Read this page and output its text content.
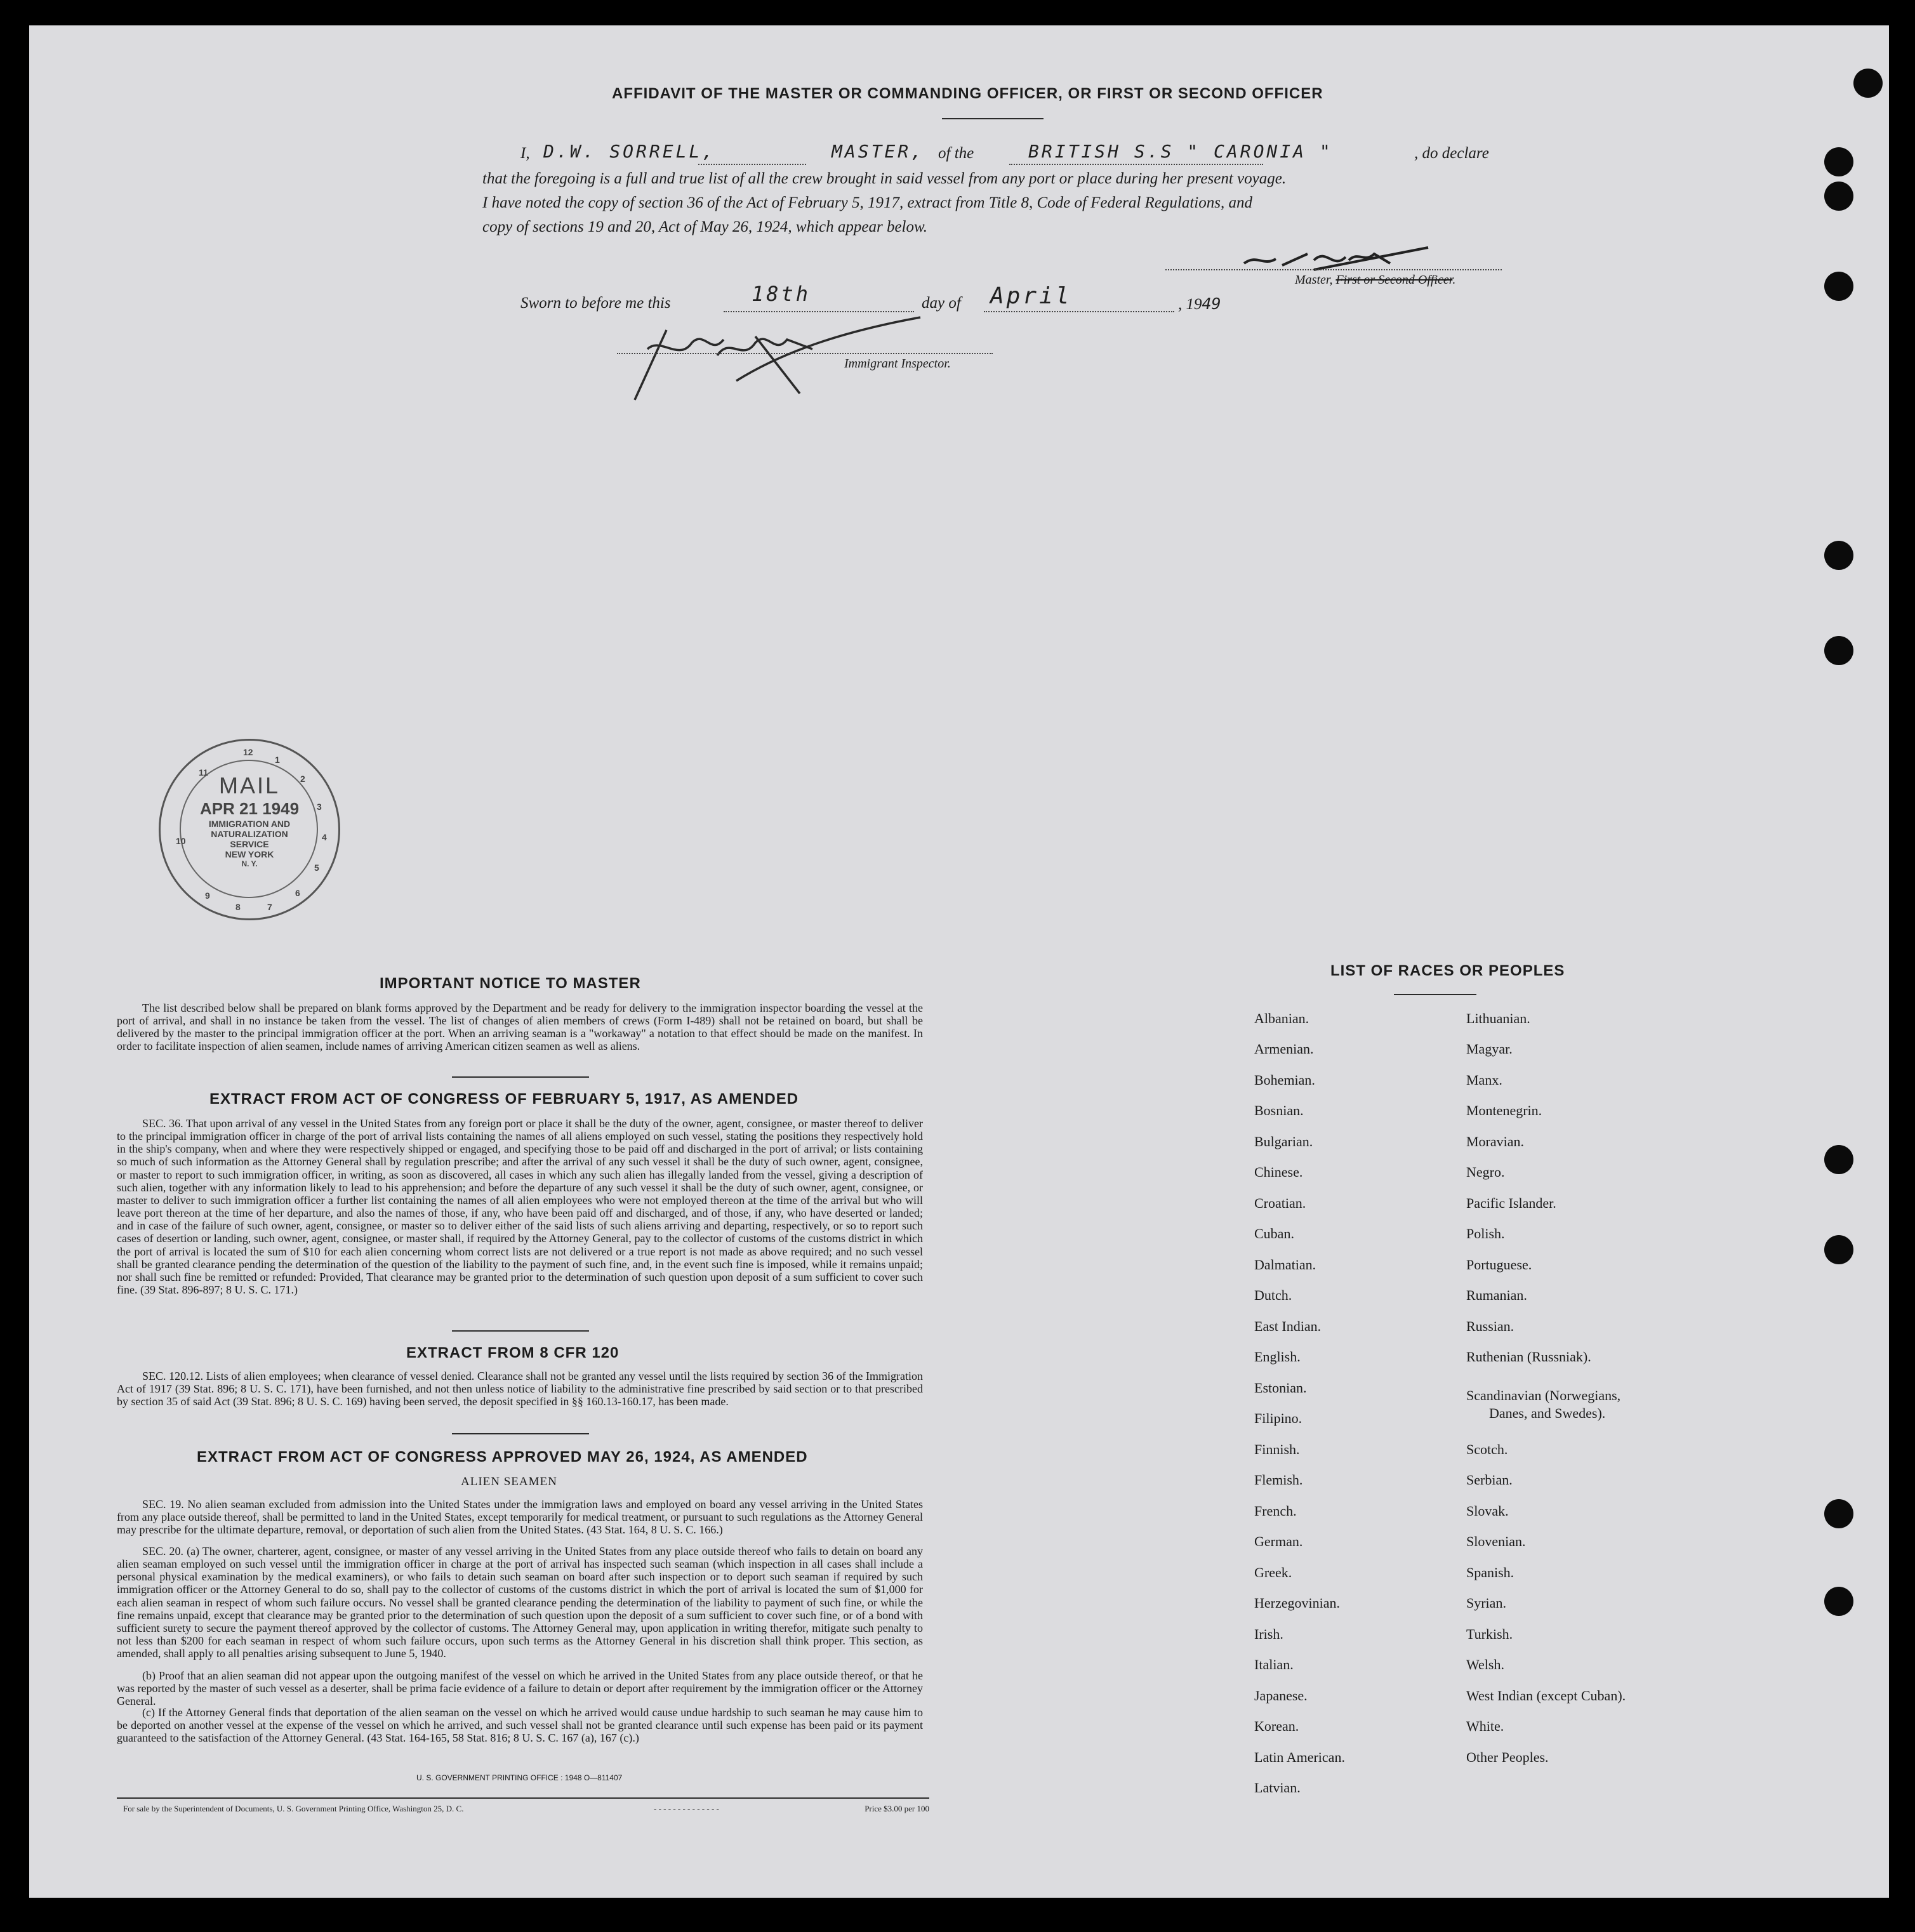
AFFIDAVIT OF THE MASTER OR COMMANDING OFFICER, OR FIRST OR SECOND OFFICER
I, D.W. SORRELL,	MASTER, of the	BRITISH S.S " CARONIA "	, do declare
that the foregoing is a full and true list of all the crew brought in said vessel from any port or place during her present voyage.
I have noted the copy of section 36 of the Act of February 5, 1917, extract from Title 8, Code of Federal Regulations, and
copy of sections 19 and 20, Act of May 26, 1924, which appear below.
Master, First or Second Officer.
Sworn to before me this	18th	day of April	, 1949
Immigrant Inspector.
MAIL
APR 21 1949
IMMIGRATION AND
NATURALIZATION
SERVICE
NEW YORK
N. Y.
12
1
2
3
4
5
6
7
8
9
10
11
IMPORTANT NOTICE TO MASTER
The list described below shall be prepared on blank forms approved by the Department and be ready for delivery to the immigration inspector boarding the vessel at the port of arrival, and shall in no instance be taken from the vessel. The list of changes of alien members of crews (Form I-489) shall not be retained on board, but shall be delivered by the master to the principal immigration officer at the port. When an arriving seaman is a "workaway" a notation to that effect should be made on the manifest. In order to facilitate inspection of alien seamen, include names of arriving American citizen seamen as well as aliens.
EXTRACT FROM ACT OF CONGRESS OF FEBRUARY 5, 1917, AS AMENDED
SEC. 36. That upon arrival of any vessel in the United States from any foreign port or place it shall be the duty of the owner, agent, consignee, or master thereof to deliver to the principal immigration officer in charge of the port of arrival lists containing the names of all aliens employed on such vessel, stating the positions they respectively hold in the ship's company, when and where they were respectively shipped or engaged, and specifying those to be paid off and discharged in the port of arrival; or lists containing so much of such information as the Attorney General shall by regulation prescribe; and after the arrival of any such vessel it shall be the duty of such owner, agent, consignee, or master to report to such immigration officer, in writing, as soon as discovered, all cases in which any such alien has illegally landed from the vessel, giving a description of such alien, together with any information likely to lead to his apprehension; and before the departure of any such vessel it shall be the duty of such owner, agent, consignee, or master to deliver to such immigration officer a further list containing the names of all alien employees who were not employed thereon at the time of the arrival but who will leave port thereon at the time of her departure, and also the names of those, if any, who have been paid off and discharged, and of those, if any, who have deserted or landed; and in case of the failure of such owner, agent, consignee, or master so to deliver either of the said lists of such aliens arriving and departing, respectively, or so to report such cases of desertion or landing, such owner, agent, consignee, or master shall, if required by the Attorney General, pay to the collector of customs of the customs district in which the port of arrival is located the sum of $10 for each alien concerning whom correct lists are not delivered or a true report is not made as above required; and no such vessel shall be granted clearance pending the determination of the question of the liability to the payment of such fine, and, in the event such fine is imposed, while it remains unpaid; nor shall such fine be remitted or refunded: Provided, That clearance may be granted prior to the determination of such question upon deposit of a sum sufficient to cover such fine. (39 Stat. 896-897; 8 U. S. C. 171.)
EXTRACT FROM 8 CFR 120
SEC. 120.12. Lists of alien employees; when clearance of vessel denied. Clearance shall not be granted any vessel until the lists required by section 36 of the Immigration Act of 1917 (39 Stat. 896; 8 U. S. C. 171), have been furnished, and not then unless notice of liability to the administrative fine prescribed by said section or to that prescribed by section 35 of said Act (39 Stat. 896; 8 U. S. C. 169) having been served, the deposit specified in §§ 160.13-160.17, has been made.
EXTRACT FROM ACT OF CONGRESS APPROVED MAY 26, 1924, AS AMENDED
ALIEN SEAMEN
SEC. 19. No alien seaman excluded from admission into the United States under the immigration laws and employed on board any vessel arriving in the United States from any place outside thereof, shall be permitted to land in the United States, except temporarily for medical treatment, or pursuant to such regulations as the Attorney General may prescribe for the ultimate departure, removal, or deportation of such alien from the United States. (43 Stat. 164, 8 U. S. C. 166.)
SEC. 20. (a) The owner, charterer, agent, consignee, or master of any vessel arriving in the United States from any place outside thereof who fails to detain on board any alien seaman employed on such vessel until the immigration officer in charge at the port of arrival has inspected such seaman (which inspection in all cases shall include a personal physical examination by the medical examiners), or who fails to detain such seaman on board after such inspection or to deport such seaman if required by such immigration officer or the Attorney General to do so, shall pay to the collector of customs of the customs district in which the port of arrival is located the sum of $1,000 for each alien seaman in respect of whom such failure occurs. No vessel shall be granted clearance pending the determination of the liability to payment of such fine, or while the fine remains unpaid, except that clearance may be granted prior to the determination of such question upon the deposit of a sum sufficient to cover such fine, or of a bond with sufficient surety to secure the payment thereof approved by the collector of customs. The Attorney General may, upon application in writing therefor, mitigate such penalty to not less than $200 for each seaman in respect of whom such failure occurs, upon such terms as the Attorney General in his discretion shall think proper. This section, as amended, shall apply to all penalties arising subsequent to June 5, 1940.
(b) Proof that an alien seaman did not appear upon the outgoing manifest of the vessel on which he arrived in the United States from any place outside thereof, or that he was reported by the master of such vessel as a deserter, shall be prima facie evidence of a failure to detain or deport after requirement by the immigration officer or the Attorney General.
(c) If the Attorney General finds that deportation of the alien seaman on the vessel on which he arrived would cause undue hardship to such seaman he may cause him to be deported on another vessel at the expense of the vessel on which he arrived, and such vessel shall not be granted clearance until such expense has been paid or its payment guaranteed to the satisfaction of the Attorney General. (43 Stat. 164-165, 58 Stat. 816; 8 U. S. C. 167 (a), 167 (c).)
U. S. GOVERNMENT PRINTING OFFICE : 1948 O—811407
For sale by the Superintendent of Documents, U. S. Government Printing Office, Washington 25, D. C.	- - - - - - - - - - - - - -	Price $3.00 per 100
LIST OF RACES OR PEOPLES
Albanian.
Armenian.
Bohemian.
Bosnian.
Bulgarian.
Chinese.
Croatian.
Cuban.
Dalmatian.
Dutch.
East Indian.
English.
Estonian.
Filipino.
Finnish.
Flemish.
French.
German.
Greek.
Herzegovinian.
Irish.
Italian.
Japanese.
Korean.
Latin American.
Latvian.
Lithuanian.
Magyar.
Manx.
Montenegrin.
Moravian.
Negro.
Pacific Islander.
Polish.
Portuguese.
Rumanian.
Russian.
Ruthenian (Russniak).
Scandinavian (Norwegians,
Danes, and Swedes).
Scotch.
Serbian.
Slovak.
Slovenian.
Spanish.
Syrian.
Turkish.
Welsh.
West Indian (except Cuban).
White.
Other Peoples.
